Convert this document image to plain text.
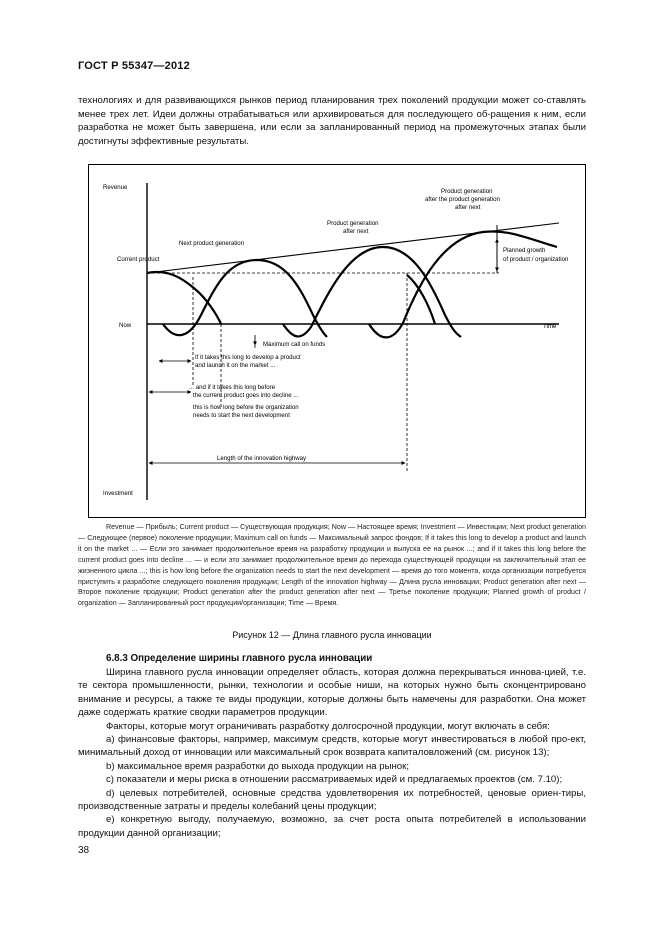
ГОСТ Р 55347—2012
технологиях и для развивающихся рынков период планирования трех поколений продукции может со-ставлять менее трех лет. Идеи должны отрабатываться или архивироваться для последующего об-ращения к ним, если разработка не может быть завершена, или если за запланированный период на промежуточных этапах были достигнуты эффективные результаты.
Revenue
Current product
Next product generation
Product generation
after next
Product generation
after the product generation
after next
Planned growth
of product / organization
Now	Time
Maximum call on funds
If it takes this long to develop a product
and launch it on the market ...
... and if it takes this long before
the current product goes into decline ...
this is how long before the organization
needs to start the next development
Length of the innovation highway
Investment
Revenue — Прибыль; Current product — Существующая продукция; Now — Настоящее время; Investment — Инвестиции; Next product generation — Следующее (первое) поколение продукции; Maximum call on funds — Максимальный запрос фондов; If it takes this long to develop a product and launch it on the market ... — Если это занимает продолжительное время на разработку продукции и выпуска ее на рынок ...; and if it takes this long before the current product goes into decline ... — и если это занимает продолжительное время до перехода существующей продукции на заключительный этап ее жизненного цикла ...; this is how long before the organization needs to start the next development — время до того момента, когда организации потребуется приступить к разработке следующего поколения продукции; Length of the innovation highway — Длина русла инновации; Product generation after next — Второе поколение продукции; Product generation after the product generation after next — Третье поколение продукции; Planned growth of product / organization — Запланированный рост продукции/организации; Time — Время.
Рисунок 12 — Длина главного русла инновации
6.8.3 Определение ширины главного русла инновации

Ширина главного русла инновации определяет область, которая должна перекрываться иннова-цией, т.е. те сектора промышленности, рынки, технологии и особые ниши, на которых нужно быть сконцентрировано внимание и ресурсы, а также те виды продукции, которые должны быть намечены для разработки. Она может даже содержать краткие сводки параметров продукции.

Факторы, которые могут ограничивать разработку долгосрочной продукции, могут включать в себя:

а) финансовые факторы, например, максимум средств, которые могут инвестироваться в любой про-ект, минимальный доход от инновации или максимальный срок возврата капиталовложений (см. рисунок 13);

b) максимальное время разработки до выхода продукции на рынок;

c) показатели и меры риска в отношении рассматриваемых идей и предлагаемых проектов (см. 7.10);

d) целевых потребителей, основные средства удовлетворения их потребностей, ценовые ориен-тиры, производственные затраты и пределы колебаний цены продукции;

e) конкретную выгоду, получаемую, возможно, за счет роста опыта потребителей в использовании продукции данной организации;

38
